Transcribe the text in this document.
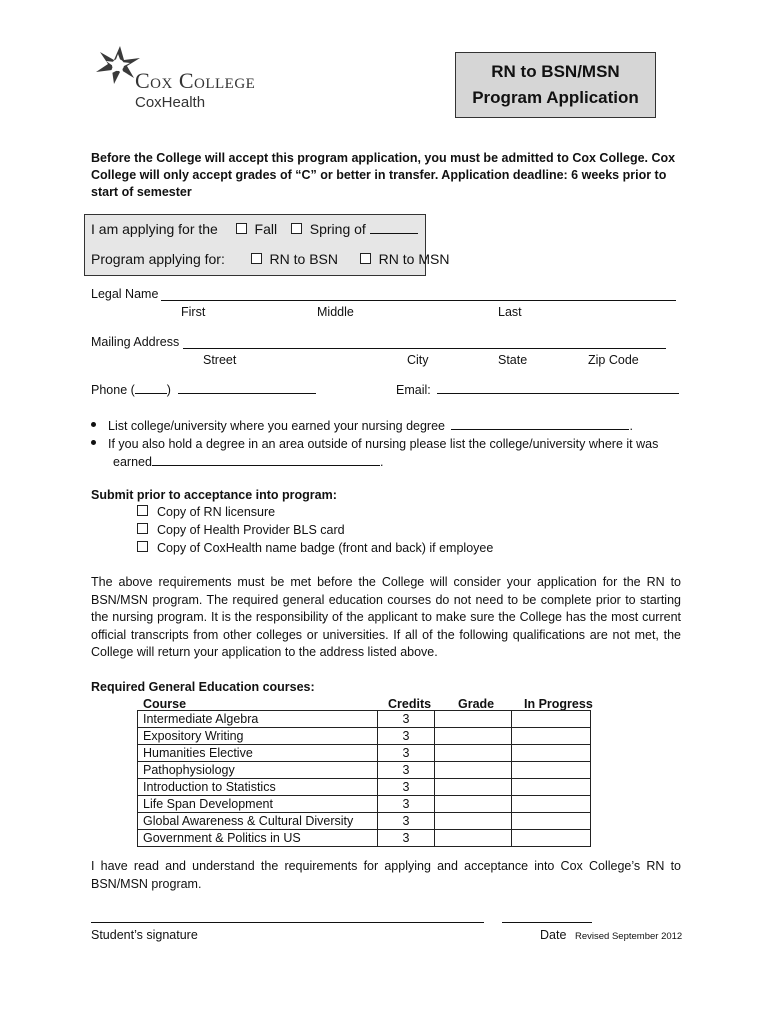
Cox College
CoxHealth
RN to BSN/MSN
Program Application
Before the College will accept this program application, you must be admitted to Cox College. Cox College will only accept grades of “C” or better in transfer. Application deadline: 6 weeks prior to start of semester
I am applying for the	Fall Spring of
Program applying for:	RN to BSN	RN to MSN
Legal Name
First	Middle	Last
Mailing Address
Street	City	State	Zip Code
Phone (	)	Email:
List college/university where you earned your nursing degree	.
If you also hold a degree in an area outside of nursing please list the college/university where it was
earned	.
Submit prior to acceptance into program:
Copy of RN licensure
Copy of Health Provider BLS card
Copy of CoxHealth name badge (front and back) if employee
The above requirements must be met before the College will consider your application for the RN to BSN/MSN program. The required general education courses do not need to be complete prior to starting the nursing program. It is the responsibility of the applicant to make sure the College has the most current official transcripts from other colleges or universities. If all of the following qualifications are not met, the College will return your application to the address listed above.
Required General Education courses:
Course	Credits Grade In Progress
Intermediate Algebra	3		
Expository Writing	3		
Humanities Elective	3		
Pathophysiology	3		
Introduction to Statistics	3		
Life Span Development	3		
Global Awareness & Cultural Diversity	3		
Government & Politics in US	3		
I have read and understand the requirements for applying and acceptance into Cox College’s RN to BSN/MSN program.
Student’s signature	Date Revised September 2012
